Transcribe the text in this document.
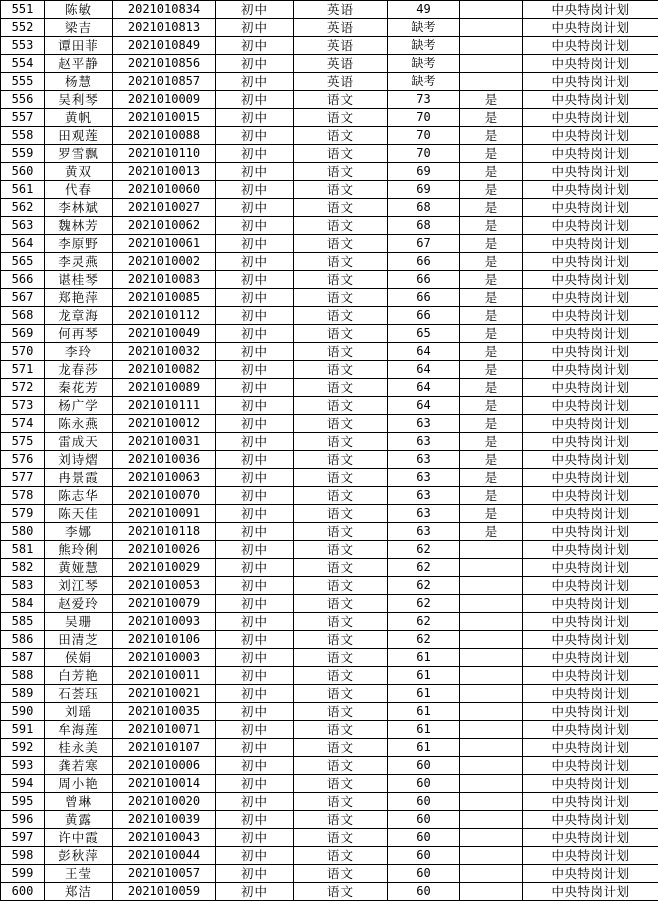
551	陈敏	2021010834	初中	英语	49		中央特岗计划
552	梁吉	2021010813	初中	英语	缺考		中央特岗计划
553	谭田菲	2021010849	初中	英语	缺考		中央特岗计划
554	赵平静	2021010856	初中	英语	缺考		中央特岗计划
555	杨慧	2021010857	初中	英语	缺考		中央特岗计划
556	吴利琴	2021010009	初中	语文	73	是	中央特岗计划
557	黄帆	2021010015	初中	语文	70	是	中央特岗计划
558	田观莲	2021010088	初中	语文	70	是	中央特岗计划
559	罗雪飘	2021010110	初中	语文	70	是	中央特岗计划
560	黄双	2021010013	初中	语文	69	是	中央特岗计划
561	代春	2021010060	初中	语文	69	是	中央特岗计划
562	李林斌	2021010027	初中	语文	68	是	中央特岗计划
563	魏林芳	2021010062	初中	语文	68	是	中央特岗计划
564	李原野	2021010061	初中	语文	67	是	中央特岗计划
565	李灵燕	2021010002	初中	语文	66	是	中央特岗计划
566	谌桂琴	2021010083	初中	语文	66	是	中央特岗计划
567	郑艳萍	2021010085	初中	语文	66	是	中央特岗计划
568	龙章海	2021010112	初中	语文	66	是	中央特岗计划
569	何再琴	2021010049	初中	语文	65	是	中央特岗计划
570	李玲	2021010032	初中	语文	64	是	中央特岗计划
571	龙春莎	2021010082	初中	语文	64	是	中央特岗计划
572	秦花芳	2021010089	初中	语文	64	是	中央特岗计划
573	杨广学	2021010111	初中	语文	64	是	中央特岗计划
574	陈永燕	2021010012	初中	语文	63	是	中央特岗计划
575	雷成天	2021010031	初中	语文	63	是	中央特岗计划
576	刘诗熠	2021010036	初中	语文	63	是	中央特岗计划
577	冉景霞	2021010063	初中	语文	63	是	中央特岗计划
578	陈志华	2021010070	初中	语文	63	是	中央特岗计划
579	陈天佳	2021010091	初中	语文	63	是	中央特岗计划
580	李娜	2021010118	初中	语文	63	是	中央特岗计划
581	熊玲俐	2021010026	初中	语文	62		中央特岗计划
582	黄娅慧	2021010029	初中	语文	62		中央特岗计划
583	刘江琴	2021010053	初中	语文	62		中央特岗计划
584	赵爱玲	2021010079	初中	语文	62		中央特岗计划
585	吴珊	2021010093	初中	语文	62		中央特岗计划
586	田清芝	2021010106	初中	语文	62		中央特岗计划
587	侯娟	2021010003	初中	语文	61		中央特岗计划
588	白芳艳	2021010011	初中	语文	61		中央特岗计划
589	石荟珏	2021010021	初中	语文	61		中央特岗计划
590	刘瑶	2021010035	初中	语文	61		中央特岗计划
591	牟海莲	2021010071	初中	语文	61		中央特岗计划
592	桂永美	2021010107	初中	语文	61		中央特岗计划
593	龚若寒	2021010006	初中	语文	60		中央特岗计划
594	周小艳	2021010014	初中	语文	60		中央特岗计划
595	曾琳	2021010020	初中	语文	60		中央特岗计划
596	黄露	2021010039	初中	语文	60		中央特岗计划
597	许中霞	2021010043	初中	语文	60		中央特岗计划
598	彭秋萍	2021010044	初中	语文	60		中央特岗计划
599	王莹	2021010057	初中	语文	60		中央特岗计划
600	郑洁	2021010059	初中	语文	60		中央特岗计划
